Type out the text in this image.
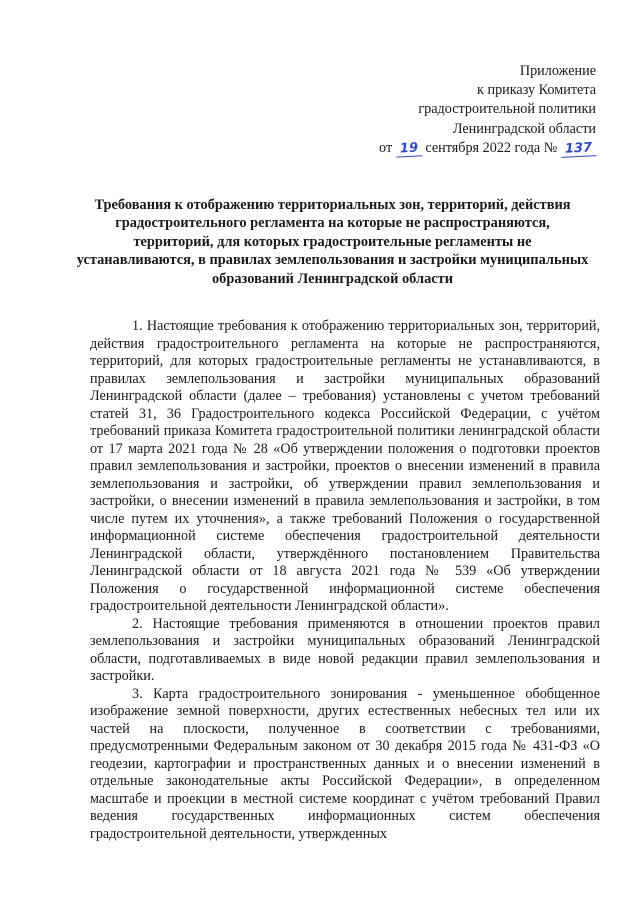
Приложение
к приказу Комитета
градостроительной политики
Ленинградской области
от 19 сентября 2022 года № 137
Требования к отображению территориальных зон, территорий, действия градостроительного регламента на которые не распространяются, территорий, для которых градостроительные регламенты не устанавливаются, в правилах землепользования и застройки муниципальных образований Ленинградской области

1. Настоящие требования к отображению территориальных зон, территорий, действия градостроительного регламента на которые не распространяются, территорий, для которых градостроительные регламенты не устанавливаются, в правилах землепользования и застройки муниципальных образований Ленинградской области (далее – требования) установлены с учетом требований статей 31, 36 Градостроительного кодекса Российской Федерации, с учётом требований приказа Комитета градостроительной политики ленинградской области от 17 марта 2021 года № 28 «Об утверждении положения о подготовки проектов правил землепользования и застройки, проектов о внесении изменений в правила землепользования и застройки, об утверждении правил землепользования и застройки, о внесении изменений в правила землепользования и застройки, в том числе путем их уточнения», а также требований Положения о государственной информационной системе обеспечения градостроительной деятельности Ленинградской области, утверждённого постановлением Правительства Ленинградской области от 18 августа 2021 года № 539 «Об утверждении Положения о государственной информационной системе обеспечения градостроительной деятельности Ленинградской области».

2. Настоящие требования применяются в отношении проектов правил землепользования и застройки муниципальных образований Ленинградской области, подготавливаемых в виде новой редакции правил землепользования и застройки.

3. Карта градостроительного зонирования - уменьшенное обобщенное изображение земной поверхности, других естественных небесных тел или их частей на плоскости, полученное в соответствии с требованиями, предусмотренными Федеральным законом от 30 декабря 2015 года № 431-ФЗ «О геодезии, картографии и пространственных данных и о внесении изменений в отдельные законодательные акты Российской Федерации», в определенном масштабе и проекции в местной системе координат с учётом требований Правил ведения государственных информационных систем обеспечения градостроительной деятельности, утвержденных
